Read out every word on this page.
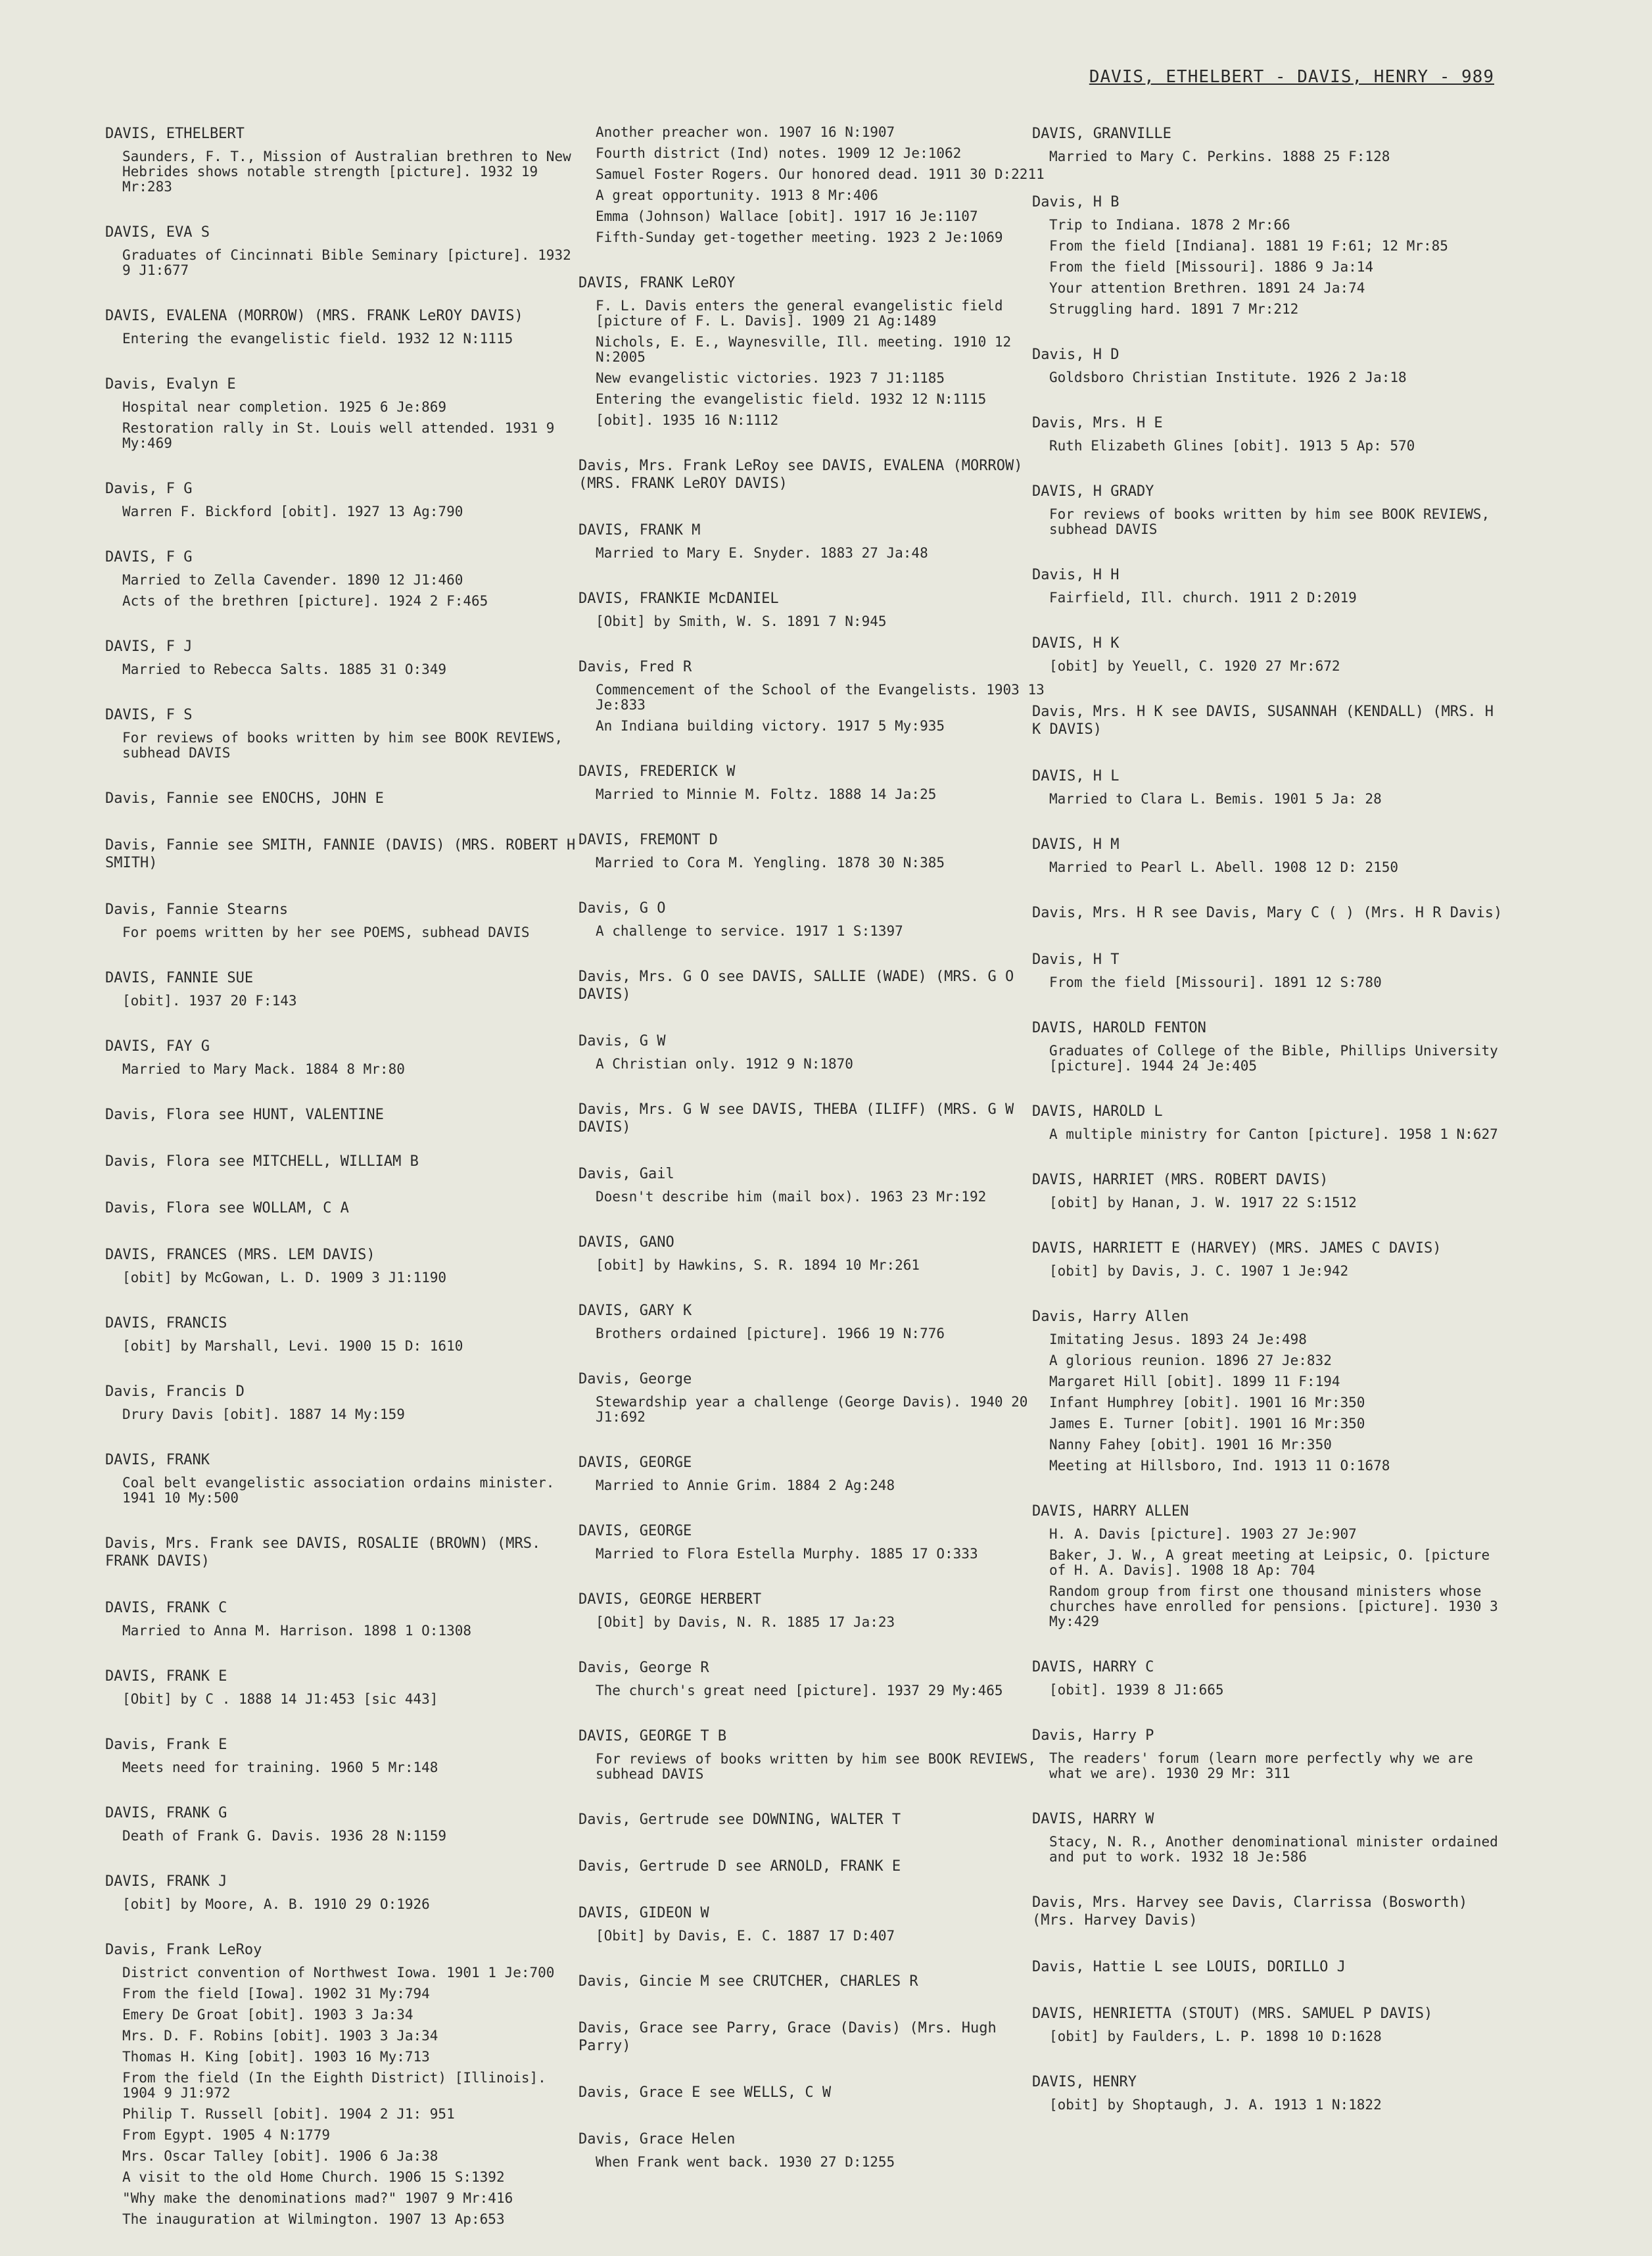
DAVIS, ETHELBERT - DAVIS, HENRY - 989
DAVIS, ETHELBERT
Saunders, F. T., Mission of Australian brethren to New Hebrides shows notable strength [picture]. 1932 19 Mr:283
DAVIS, EVA S
Graduates of Cincinnati Bible Seminary [picture]. 1932 9 J1:677
DAVIS, EVALENA (MORROW) (MRS. FRANK LeROY DAVIS)
Entering the evangelistic field. 1932 12 N:1115
Davis, Evalyn E
Hospital near completion. 1925 6 Je:869
Restoration rally in St. Louis well attended. 1931 9 My:469
Davis, F G
Warren F. Bickford [obit]. 1927 13 Ag:790
DAVIS, F G
Married to Zella Cavender. 1890 12 J1:460
Acts of the brethren [picture]. 1924 2 F:465
DAVIS, F J
Married to Rebecca Salts. 1885 31 O:349
DAVIS, F S
For reviews of books written by him see BOOK REVIEWS, subhead DAVIS
Davis, Fannie see ENOCHS, JOHN E
Davis, Fannie see SMITH, FANNIE (DAVIS) (MRS. ROBERT H SMITH)
Davis, Fannie Stearns
For poems written by her see POEMS, subhead DAVIS
DAVIS, FANNIE SUE
[obit]. 1937 20 F:143
DAVIS, FAY G
Married to Mary Mack. 1884 8 Mr:80
Davis, Flora see HUNT, VALENTINE
Davis, Flora see MITCHELL, WILLIAM B
Davis, Flora see WOLLAM, C A
DAVIS, FRANCES (MRS. LEM DAVIS)
[obit] by McGowan, L. D. 1909 3 J1:1190
DAVIS, FRANCIS
[obit] by Marshall, Levi. 1900 15 D: 1610
Davis, Francis D
Drury Davis [obit]. 1887 14 My:159
DAVIS, FRANK
Coal belt evangelistic association ordains minister. 1941 10 My:500
Davis, Mrs. Frank see DAVIS, ROSALIE (BROWN) (MRS. FRANK DAVIS)
DAVIS, FRANK C
Married to Anna M. Harrison. 1898 1 O:1308
DAVIS, FRANK E
[Obit] by C . 1888 14 J1:453 [sic 443]
Davis, Frank E
Meets need for training. 1960 5 Mr:148
DAVIS, FRANK G
Death of Frank G. Davis. 1936 28 N:1159
DAVIS, FRANK J
[obit] by Moore, A. B. 1910 29 O:1926
Davis, Frank LeRoy
District convention of Northwest Iowa. 1901 1 Je:700
From the field [Iowa]. 1902 31 My:794
Emery De Groat [obit]. 1903 3 Ja:34
Mrs. D. F. Robins [obit]. 1903 3 Ja:34
Thomas H. King [obit]. 1903 16 My:713
From the field (In the Eighth District) [Illinois]. 1904 9 J1:972
Philip T. Russell [obit]. 1904 2 J1: 951
From Egypt. 1905 4 N:1779
Mrs. Oscar Talley [obit]. 1906 6 Ja:38
A visit to the old Home Church. 1906 15 S:1392
"Why make the denominations mad?" 1907 9 Mr:416
The inauguration at Wilmington. 1907 13 Ap:653
Another preacher won. 1907 16 N:1907
Fourth district (Ind) notes. 1909 12 Je:1062
Samuel Foster Rogers. Our honored dead. 1911 30 D:2211
A great opportunity. 1913 8 Mr:406
Emma (Johnson) Wallace [obit]. 1917 16 Je:1107
Fifth-Sunday get-together meeting. 1923 2 Je:1069
DAVIS, FRANK LeROY
F. L. Davis enters the general evangelistic field [picture of F. L. Davis]. 1909 21 Ag:1489
Nichols, E. E., Waynesville, Ill. meeting. 1910 12 N:2005
New evangelistic victories. 1923 7 J1:1185
Entering the evangelistic field. 1932 12 N:1115
[obit]. 1935 16 N:1112
Davis, Mrs. Frank LeRoy see DAVIS, EVALENA (MORROW) (MRS. FRANK LeROY DAVIS)
DAVIS, FRANK M
Married to Mary E. Snyder. 1883 27 Ja:48
DAVIS, FRANKIE McDANIEL
[Obit] by Smith, W. S. 1891 7 N:945
Davis, Fred R
Commencement of the School of the Evangelists. 1903 13 Je:833
An Indiana building victory. 1917 5 My:935
DAVIS, FREDERICK W
Married to Minnie M. Foltz. 1888 14 Ja:25
DAVIS, FREMONT D
Married to Cora M. Yengling. 1878 30 N:385
Davis, G O
A challenge to service. 1917 1 S:1397
Davis, Mrs. G O see DAVIS, SALLIE (WADE) (MRS. G O DAVIS)
Davis, G W
A Christian only. 1912 9 N:1870
Davis, Mrs. G W see DAVIS, THEBA (ILIFF) (MRS. G W DAVIS)
Davis, Gail
Doesn't describe him (mail box). 1963 23 Mr:192
DAVIS, GANO
[obit] by Hawkins, S. R. 1894 10 Mr:261
DAVIS, GARY K
Brothers ordained [picture]. 1966 19 N:776
Davis, George
Stewardship year a challenge (George Davis). 1940 20 J1:692
DAVIS, GEORGE
Married to Annie Grim. 1884 2 Ag:248
DAVIS, GEORGE
Married to Flora Estella Murphy. 1885 17 O:333
DAVIS, GEORGE HERBERT
[Obit] by Davis, N. R. 1885 17 Ja:23
Davis, George R
The church's great need [picture]. 1937 29 My:465
DAVIS, GEORGE T B
For reviews of books written by him see BOOK REVIEWS, subhead DAVIS
Davis, Gertrude see DOWNING, WALTER T
Davis, Gertrude D see ARNOLD, FRANK E
DAVIS, GIDEON W
[Obit] by Davis, E. C. 1887 17 D:407
Davis, Gincie M see CRUTCHER, CHARLES R
Davis, Grace see Parry, Grace (Davis) (Mrs. Hugh Parry)
Davis, Grace E see WELLS, C W
Davis, Grace Helen
When Frank went back. 1930 27 D:1255
DAVIS, GRANVILLE
Married to Mary C. Perkins. 1888 25 F:128
Davis, H B
Trip to Indiana. 1878 2 Mr:66
From the field [Indiana]. 1881 19 F:61; 12 Mr:85
From the field [Missouri]. 1886 9 Ja:14
Your attention Brethren. 1891 24 Ja:74
Struggling hard. 1891 7 Mr:212
Davis, H D
Goldsboro Christian Institute. 1926 2 Ja:18
Davis, Mrs. H E
Ruth Elizabeth Glines [obit]. 1913 5 Ap: 570
DAVIS, H GRADY
For reviews of books written by him see BOOK REVIEWS, subhead DAVIS
Davis, H H
Fairfield, Ill. church. 1911 2 D:2019
DAVIS, H K
[obit] by Yeuell, C. 1920 27 Mr:672
Davis, Mrs. H K see DAVIS, SUSANNAH (KENDALL) (MRS. H K DAVIS)
DAVIS, H L
Married to Clara L. Bemis. 1901 5 Ja: 28
DAVIS, H M
Married to Pearl L. Abell. 1908 12 D: 2150
Davis, Mrs. H R see Davis, Mary C ( ) (Mrs. H R Davis)
Davis, H T
From the field [Missouri]. 1891 12 S:780
DAVIS, HAROLD FENTON
Graduates of College of the Bible, Phillips University [picture]. 1944 24 Je:405
DAVIS, HAROLD L
A multiple ministry for Canton [picture]. 1958 1 N:627
DAVIS, HARRIET (MRS. ROBERT DAVIS)
[obit] by Hanan, J. W. 1917 22 S:1512
DAVIS, HARRIETT E (HARVEY) (MRS. JAMES C DAVIS)
[obit] by Davis, J. C. 1907 1 Je:942
Davis, Harry Allen
Imitating Jesus. 1893 24 Je:498
A glorious reunion. 1896 27 Je:832
Margaret Hill [obit]. 1899 11 F:194
Infant Humphrey [obit]. 1901 16 Mr:350
James E. Turner [obit]. 1901 16 Mr:350
Nanny Fahey [obit]. 1901 16 Mr:350
Meeting at Hillsboro, Ind. 1913 11 O:1678
DAVIS, HARRY ALLEN
H. A. Davis [picture]. 1903 27 Je:907
Baker, J. W., A great meeting at Leipsic, O. [picture of H. A. Davis]. 1908 18 Ap: 704
Random group from first one thousand ministers whose churches have enrolled for pensions. [picture]. 1930 3 My:429
DAVIS, HARRY C
[obit]. 1939 8 J1:665
Davis, Harry P
The readers' forum (learn more perfectly why we are what we are). 1930 29 Mr: 311
DAVIS, HARRY W
Stacy, N. R., Another denominational minister ordained and put to work. 1932 18 Je:586
Davis, Mrs. Harvey see Davis, Clarrissa (Bosworth) (Mrs. Harvey Davis)
Davis, Hattie L see LOUIS, DORILLO J
DAVIS, HENRIETTA (STOUT) (MRS. SAMUEL P DAVIS)
[obit] by Faulders, L. P. 1898 10 D:1628
DAVIS, HENRY
[obit] by Shoptaugh, J. A. 1913 1 N:1822
